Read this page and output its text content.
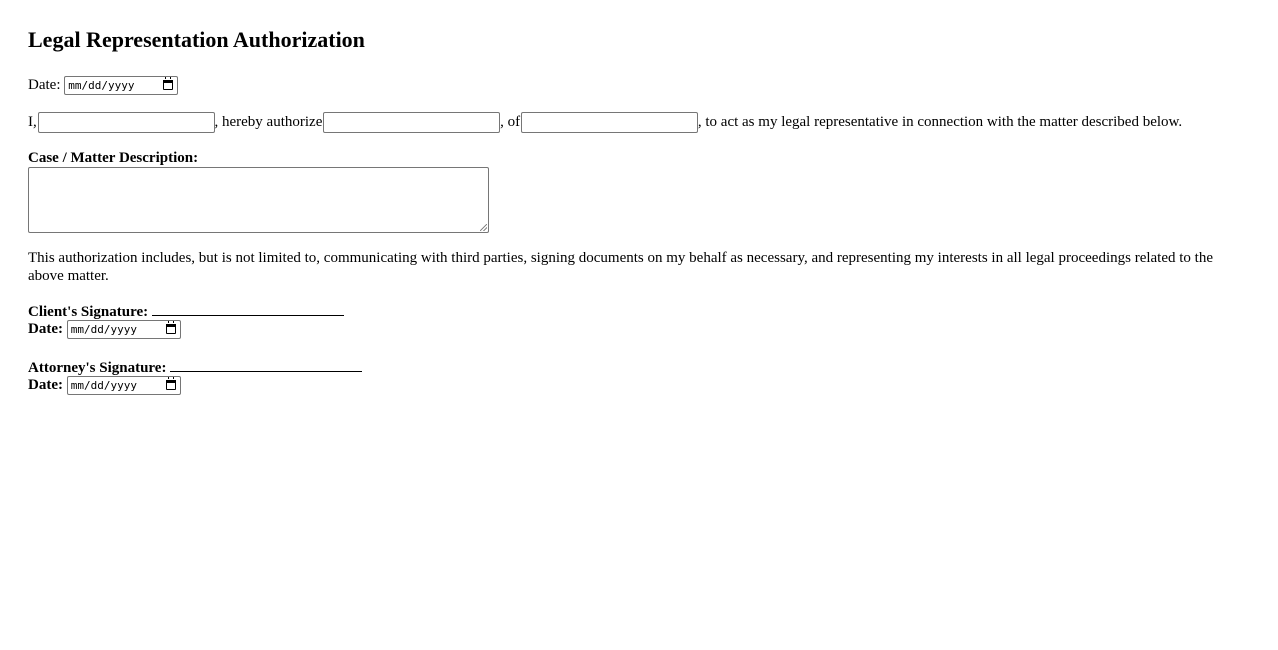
Legal Representation Authorization
Date: mm/dd/yyyy
I,	, hereby authorize	, of	, to act as my legal representative in connection with the matter described below.
Case / Matter Description:

This authorization includes, but is not limited to, communicating with third parties, signing documents on my behalf as necessary, and representing my interests in all legal proceedings related to the above matter.

Client's Signature:
Date: mm/dd/yyyy
Attorney's Signature:
Date: mm/dd/yyyy
